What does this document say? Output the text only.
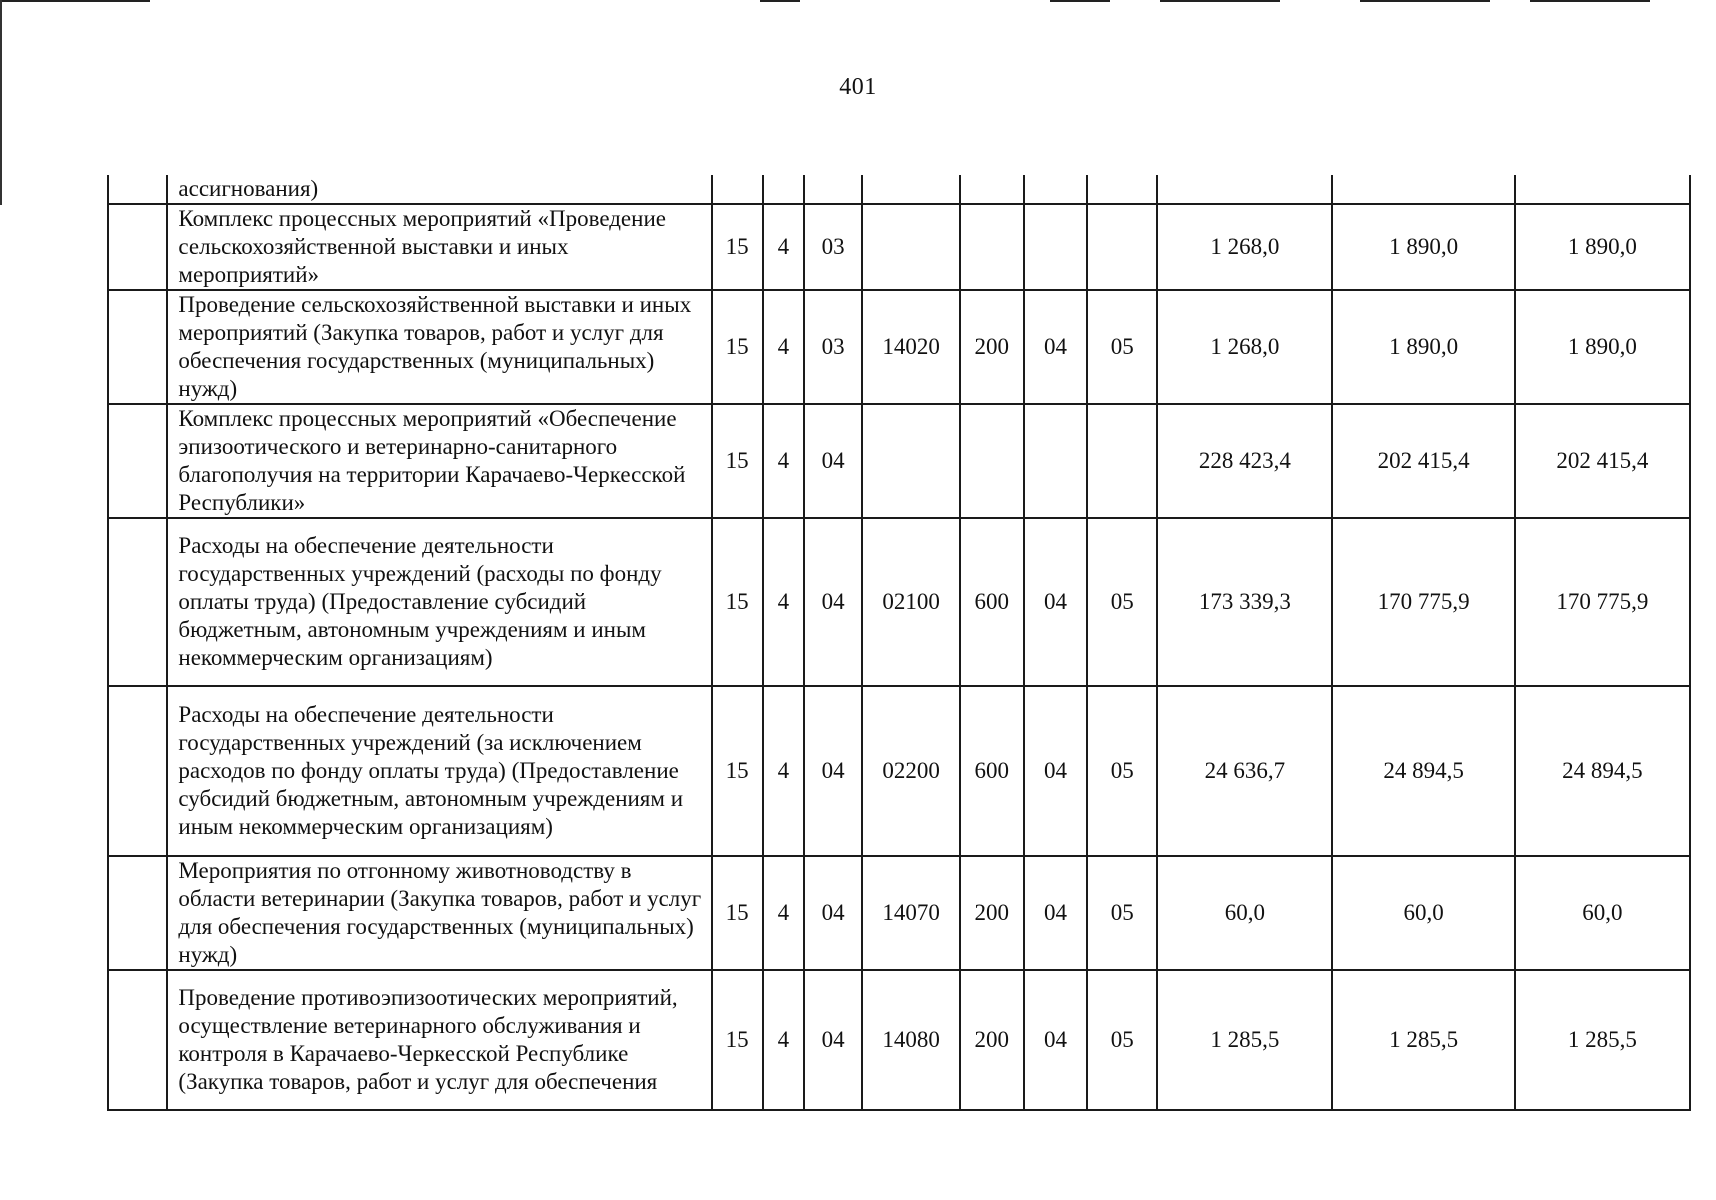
401
	ассигнования)										
	Комплекс процессных мероприятий «Проведение сельскохозяйственной выставки и иных мероприятий»	15	4	03					1 268,0	1 890,0	1 890,0
	Проведение сельскохозяйственной выставки и иных мероприятий (Закупка товаров, работ и услуг для обеспечения государственных (муниципальных) нужд)	15	4	03	14020	200	04	05	1 268,0	1 890,0	1 890,0
	Комплекс процессных мероприятий «Обеспечение эпизоотического и ветеринарно-санитарного благополучия на территории Карачаево-Черкесской Республики»	15	4	04					228 423,4	202 415,4	202 415,4
	Расходы на обеспечение деятельности государственных учреждений (расходы по фонду оплаты труда) (Предоставление субсидий бюджетным, автономным учреждениям и иным некоммерческим организациям)	15	4	04	02100	600	04	05	173 339,3	170 775,9	170 775,9
	Расходы на обеспечение деятельности государственных учреждений (за исключением расходов по фонду оплаты труда) (Предоставление субсидий бюджетным, автономным учреждениям и иным некоммерческим организациям)	15	4	04	02200	600	04	05	24 636,7	24 894,5	24 894,5
	Мероприятия по отгонному животноводству в области ветеринарии (Закупка товаров, работ и услуг для обеспечения государственных (муниципальных) нужд)	15	4	04	14070	200	04	05	60,0	60,0	60,0
	Проведение противоэпизоотических мероприятий, осуществление ветеринарного обслуживания и контроля в Карачаево-Черкесской Республике (Закупка товаров, работ и услуг для обеспечения	15	4	04	14080	200	04	05	1 285,5	1 285,5	1 285,5
